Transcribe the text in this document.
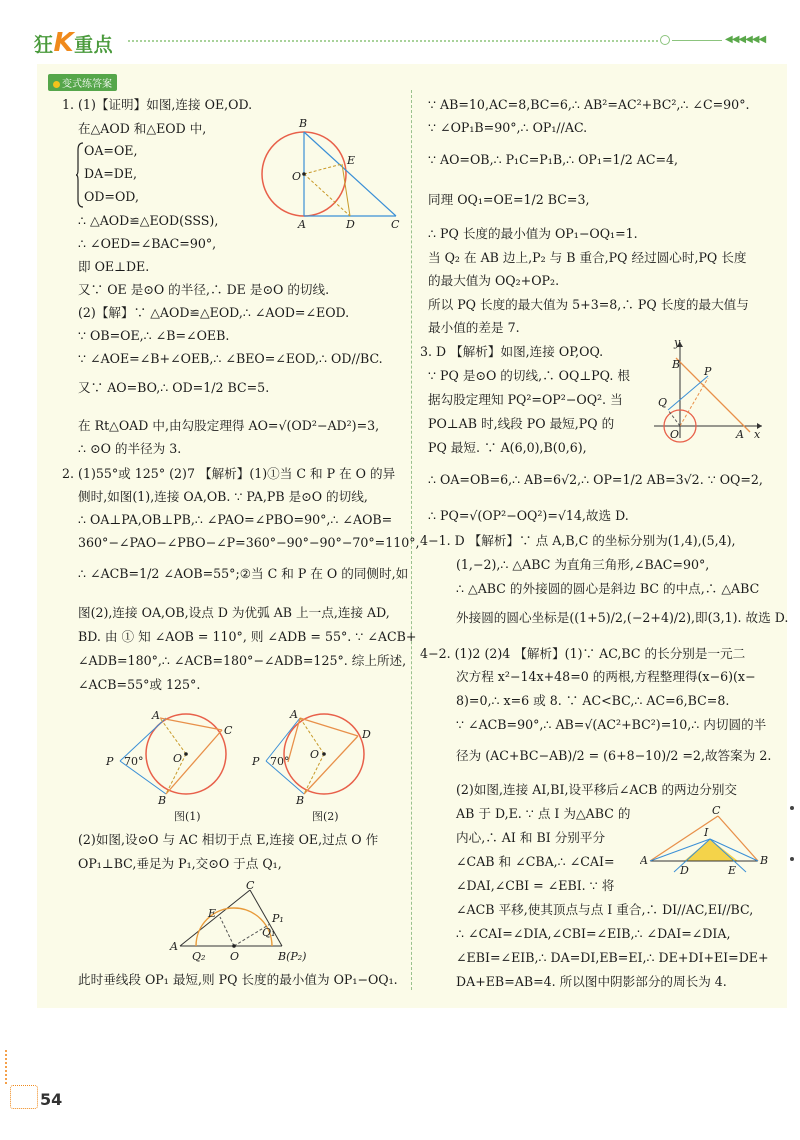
狂K重点	◀◀◀◀◀◀
变式练答案
1. (1)【证明】如图,连接 OE,OD.
在△AOD 和△EOD 中,
OA=OE,
DA=DE,
OD=OD,
∴ △AOD≌△EOD(SSS),
∴ ∠OED=∠BAC=90°,
即 OE⊥DE.
又∵ OE 是⊙O 的半径,∴ DE 是⊙O 的切线.
(2)【解】∵ △AOD≌△EOD,∴ ∠AOD=∠EOD.
∵ OB=OE,∴ ∠B=∠OEB.
∵ ∠AOE=∠B+∠OEB,∴ ∠BEO=∠EOD,∴ OD//BC.
又∵ AO=BO,∴ OD=1/2 BC=5.
在 Rt△OAD 中,由勾股定理得 AO=√(OD²−AD²)=3,
∴ ⊙O 的半径为 3.
2. (1)55°或 125° (2)7 【解析】(1)①当 C 和 P 在 O 的异
侧时,如图(1),连接 OA,OB. ∵ PA,PB 是⊙O 的切线,
∴ OA⊥PA,OB⊥PB,∴ ∠PAO=∠PBO=90°,∴ ∠AOB=
360°−∠PAO−∠PBO−∠P=360°−90°−90°−70°=110°,
∴ ∠ACB=1/2 ∠AOB=55°;②当 C 和 P 在 O 的同侧时,如
图(2),连接 OA,OB,设点 D 为优弧 AB 上一点,连接 AD,
BD. 由 ① 知 ∠AOB = 110°, 则 ∠ADB = 55°. ∵ ∠ACB+
∠ADB=180°,∴ ∠ACB=180°−∠ADB=125°. 综上所述,
∠ACB=55°或 125°.
(2)如图,设⊙O 与 AC 相切于点 E,连接 OE,过点 O 作
OP₁⊥BC,垂足为 P₁,交⊙O 于点 Q₁,
此时垂线段 OP₁ 最短,则 PQ 长度的最小值为 OP₁−OQ₁.
B
E
O
A	D	C
A
C
P 70°	O
B
图(1)
A
D
P 70°
O
B
图(2)
C
E	P₁
Q₁
A
Q₂ O	B(P₂)
∵ AB=10,AC=8,BC=6,∴ AB²=AC²+BC²,∴ ∠C=90°.
∵ ∠OP₁B=90°,∴ OP₁//AC.
∵ AO=OB,∴ P₁C=P₁B,∴ OP₁=1/2 AC=4,
同理 OQ₁=OE=1/2 BC=3,
∴ PQ 长度的最小值为 OP₁−OQ₁=1.
当 Q₂ 在 AB 边上,P₂ 与 B 重合,PQ 经过圆心时,PQ 长度
的最大值为 OQ₂+OP₂.
所以 PQ 长度的最大值为 5+3=8,∴ PQ 长度的最大值与
最小值的差是 7.
3. D 【解析】如图,连接 OP,OQ.
∵ PQ 是⊙O 的切线,∴ OQ⊥PQ. 根
据勾股定理知 PQ²=OP²−OQ². 当
PO⊥AB 时,线段 PO 最短,PQ 的
PQ 最短. ∵ A(6,0),B(0,6),
∴ OA=OB=6,∴ AB=6√2,∴ OP=1/2 AB=3√2. ∵ OQ=2,
∴ PQ=√(OP²−OQ²)=√14,故选 D.
4−1. D 【解析】∵ 点 A,B,C 的坐标分别为(1,4),(5,4),
(1,−2),∴ △ABC 为直角三角形,∠BAC=90°,
∴ △ABC 的外接圆的圆心是斜边 BC 的中点,∴ △ABC
外接圆的圆心坐标是((1+5)/2,(−2+4)/2),即(3,1). 故选 D.
4−2. (1)2 (2)4 【解析】(1)∵ AC,BC 的长分别是一元二
次方程 x²−14x+48=0 的两根,方程整理得(x−6)(x−
8)=0,∴ x=6 或 8. ∵ AC<BC,∴ AC=6,BC=8.
∵ ∠ACB=90°,∴ AB=√(AC²+BC²)=10,∴ 内切圆的半
径为 (AC+BC−AB)/2 = (6+8−10)/2 =2,故答案为 2.
(2)如图,连接 AI,BI,设平移后∠ACB 的两边分别交
AB 于 D,E. ∵ 点 I 为△ABC 的
内心,∴ AI 和 BI 分别平分
∠CAB 和 ∠CBA,∴ ∠CAI=
∠DAI,∠CBI = ∠EBI. ∵ 将
∠ACB 平移,使其顶点与点 I 重合,∴ DI//AC,EI//BC,
∴ ∠CAI=∠DIA,∠CBI=∠EIB,∴ ∠DAI=∠DIA,
∠EBI=∠EIB,∴ DA=DI,EB=EI,∴ DE+DI+EI=DE+
DA+EB=AB=4. 所以图中阴影部分的周长为 4.
y
B
P
Q
O	A x
C
I
A
D	E
B
54
